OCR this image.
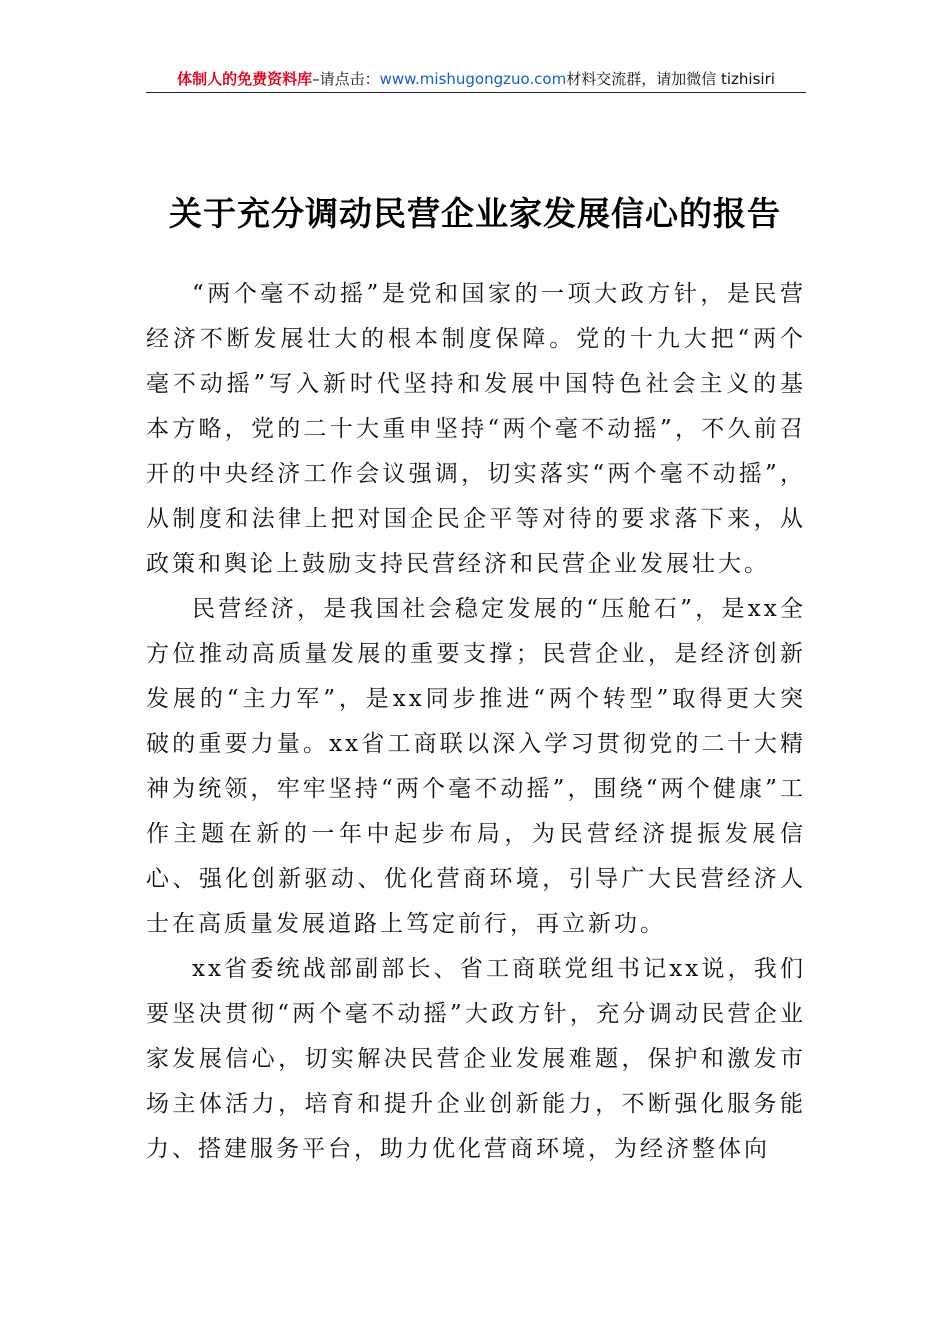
体制人的免费资料库–请点击：www.mishugongzuo.com材料交流群，请加微信 tizhisiri
关于充分调动民营企业家发展信心的报告

“两个毫不动摇”是党和国家的一项大政方针，是民营经济不断发展壮大的根本制度保障。党的十九大把“两个毫不动摇”写入新时代坚持和发展中国特色社会主义的基本方略，党的二十大重申坚持“两个毫不动摇”，不久前召开的中央经济工作会议强调，切实落实“两个毫不动摇”，从制度和法律上把对国企民企平等对待的要求落下来，从政策和舆论上鼓励支持民营经济和民营企业发展壮大。

民营经济，是我国社会稳定发展的“压舱石”，是xx全方位推动高质量发展的重要支撑；民营企业，是经济创新发展的“主力军”，是xx同步推进“两个转型”取得更大突破的重要力量。xx省工商联以深入学习贯彻党的二十大精神为统领，牢牢坚持“两个毫不动摇”，围绕“两个健康”工作主题在新的一年中起步布局，为民营经济提振发展信心、强化创新驱动、优化营商环境，引导广大民营经济人士在高质量发展道路上笃定前行，再立新功。

xx省委统战部副部长、省工商联党组书记xx说，我们要坚决贯彻“两个毫不动摇”大政方针，充分调动民营企业家发展信心，切实解决民营企业发展难题，保护和激发市场主体活力，培育和提升企业创新能力，不断强化服务能力、搭建服务平台，助力优化营商环境，为经济整体向
